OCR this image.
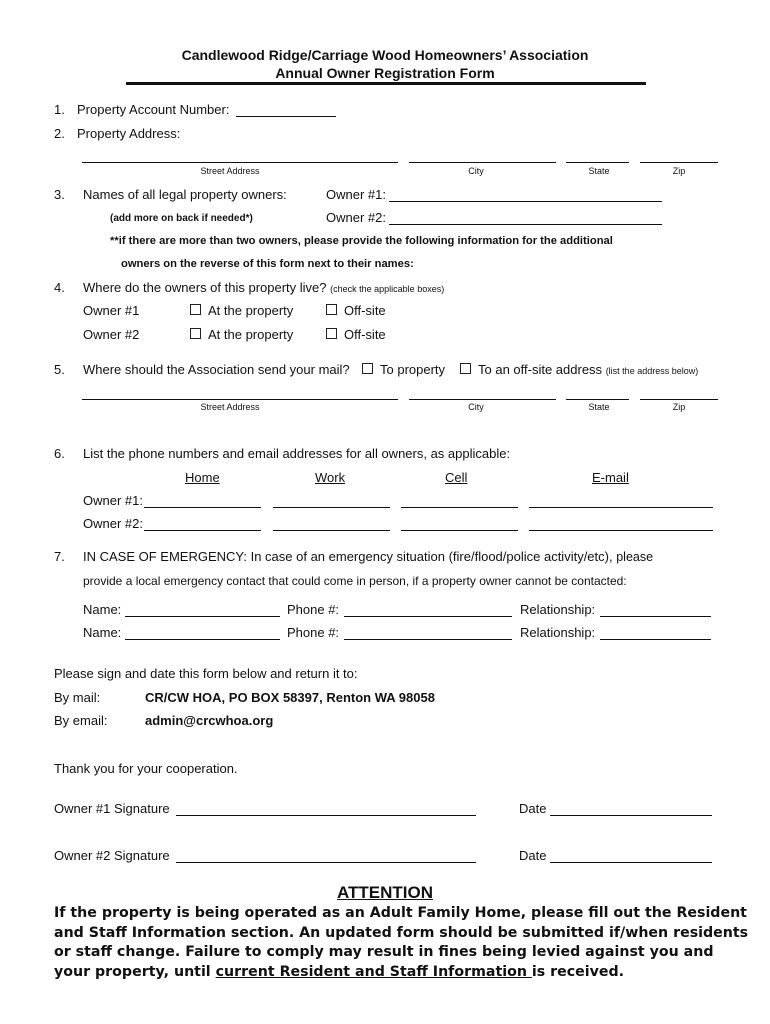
Candlewood Ridge/Carriage Wood Homeowners’ Association
Annual Owner Registration Form
1. Property Account Number:
2. Property Address:
Street Address	City	State	Zip
3. Names of all legal property owners:	Owner #1:
(add more on back if needed*)	Owner #2:
**if there are more than two owners, please provide the following information for the additional
owners on the reverse of this form next to their names:
4. Where do the owners of this property live? (check the applicable boxes)
Owner #1	At the property	Off-site
Owner #2	At the property	Off-site
5. Where should the Association send your mail?	To property	To an off-site address (list the address below)
Street Address	City	State	Zip
6. List the phone numbers and email addresses for all owners, as applicable:
Home	Work	Cell	E-mail
Owner #1:
Owner #2:
7. IN CASE OF EMERGENCY: In case of an emergency situation (fire/flood/police activity/etc), please
provide a local emergency contact that could come in person, if a property owner cannot be contacted:
Name:	Phone #:	Relationship:
Name:	Phone #:	Relationship:
Please sign and date this form below and return it to:
By mail:	CR/CW HOA, PO BOX 58397, Renton WA 98058
By email:	admin@crcwhoa.org
Thank you for your cooperation.
Owner #1 Signature	Date
Owner #2 Signature	Date
ATTENTION
If the property is being operated as an Adult Family Home, please fill out the Resident
and Staff Information section. An updated form should be submitted if/when residents
or staff change. Failure to comply may result in fines being levied against you and
your property, until current Resident and Staff Information is received.
